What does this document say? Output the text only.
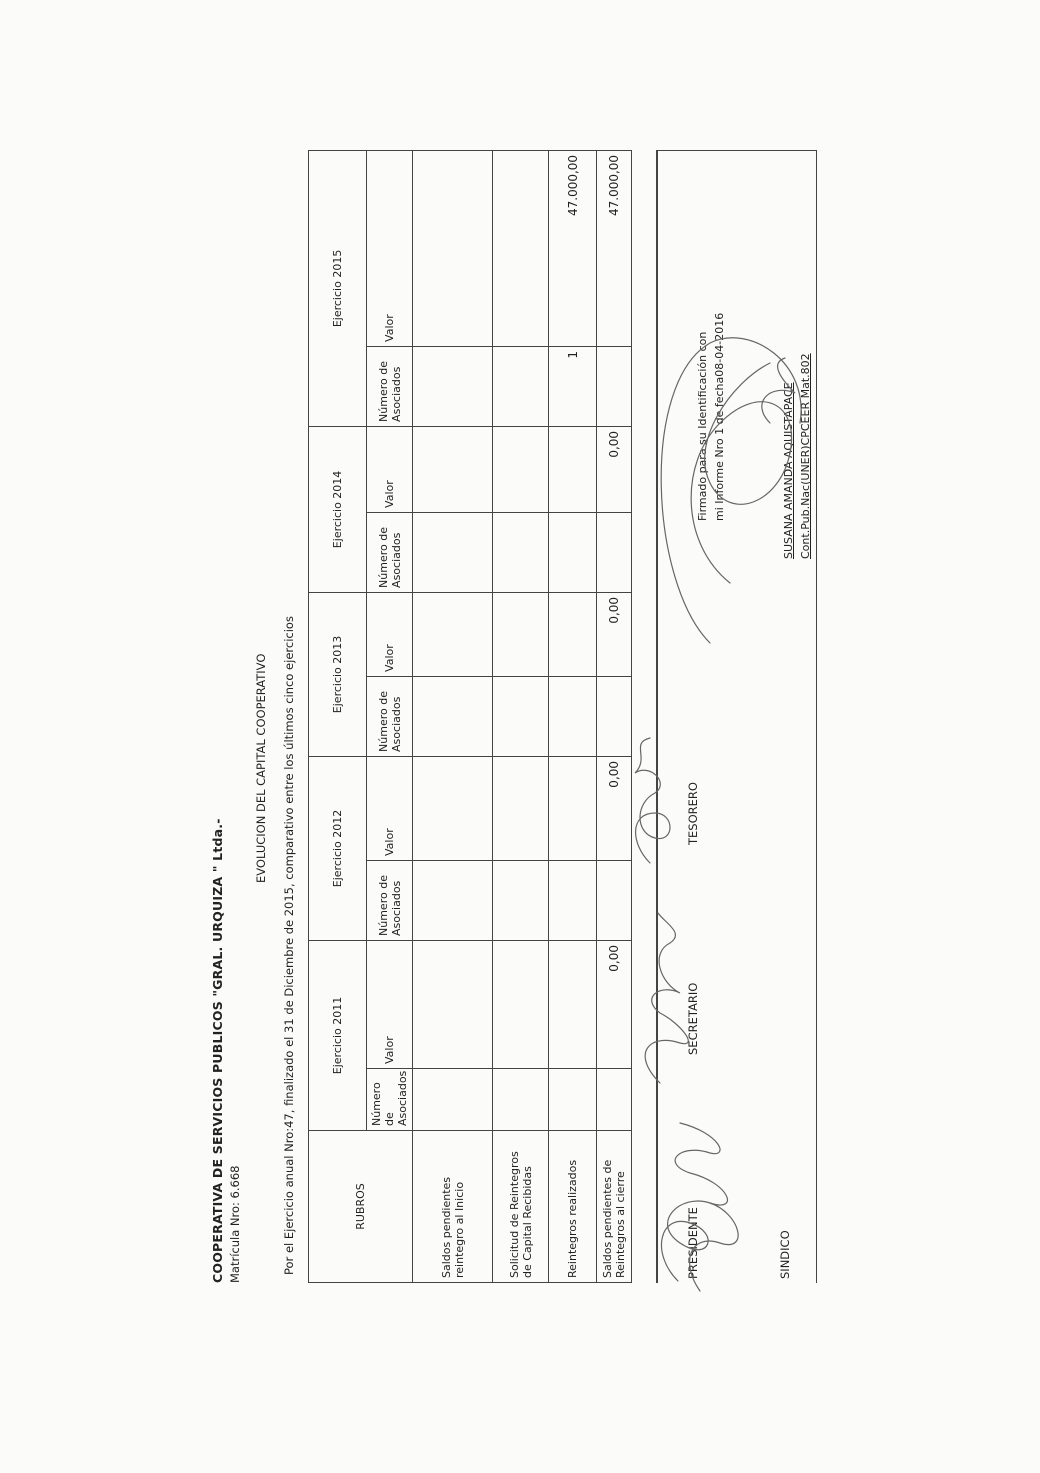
COOPERATIVA DE SERVICIOS PUBLICOS "GRAL. URQUIZA " Ltda.- Matrícula Nro: 6.668
EVOLUCION DEL CAPITAL COOPERATIVO Por el Ejercicio anual Nro:47, finalizado el 31 de Diciembre de 2015, comparativo entre los últimos cinco ejercicios	RUBROS	Ejercicio 2011		Ejercicio 2012		Ejercicio 2013		Ejercicio 2014		Ejercicio 2015	
	Número de Asociados	Valor	Número de Asociados	Valor	Número de Asociados	Valor	Número de Asociados	Valor	Número de Asociados	Valor
Saldos pendientes reintegro al Inicio										
Solicitud de Reintegros de Capital Recibidas										
Reintegros realizados									1	47.000,00
Saldos pendientes de Reintegros al cierre		0,00		0,00		0,00		0,00		47.000,00
PRESIDENTE
SECRETARIO
TESORERO
SINDICO
Firmado para su Identificación con mi Informe Nro 1 de fecha08-04-2016	SUSANA AMANDA AQUISTAPACE Cont.Pub.Nac(UNER)CPCEER Mat.802
